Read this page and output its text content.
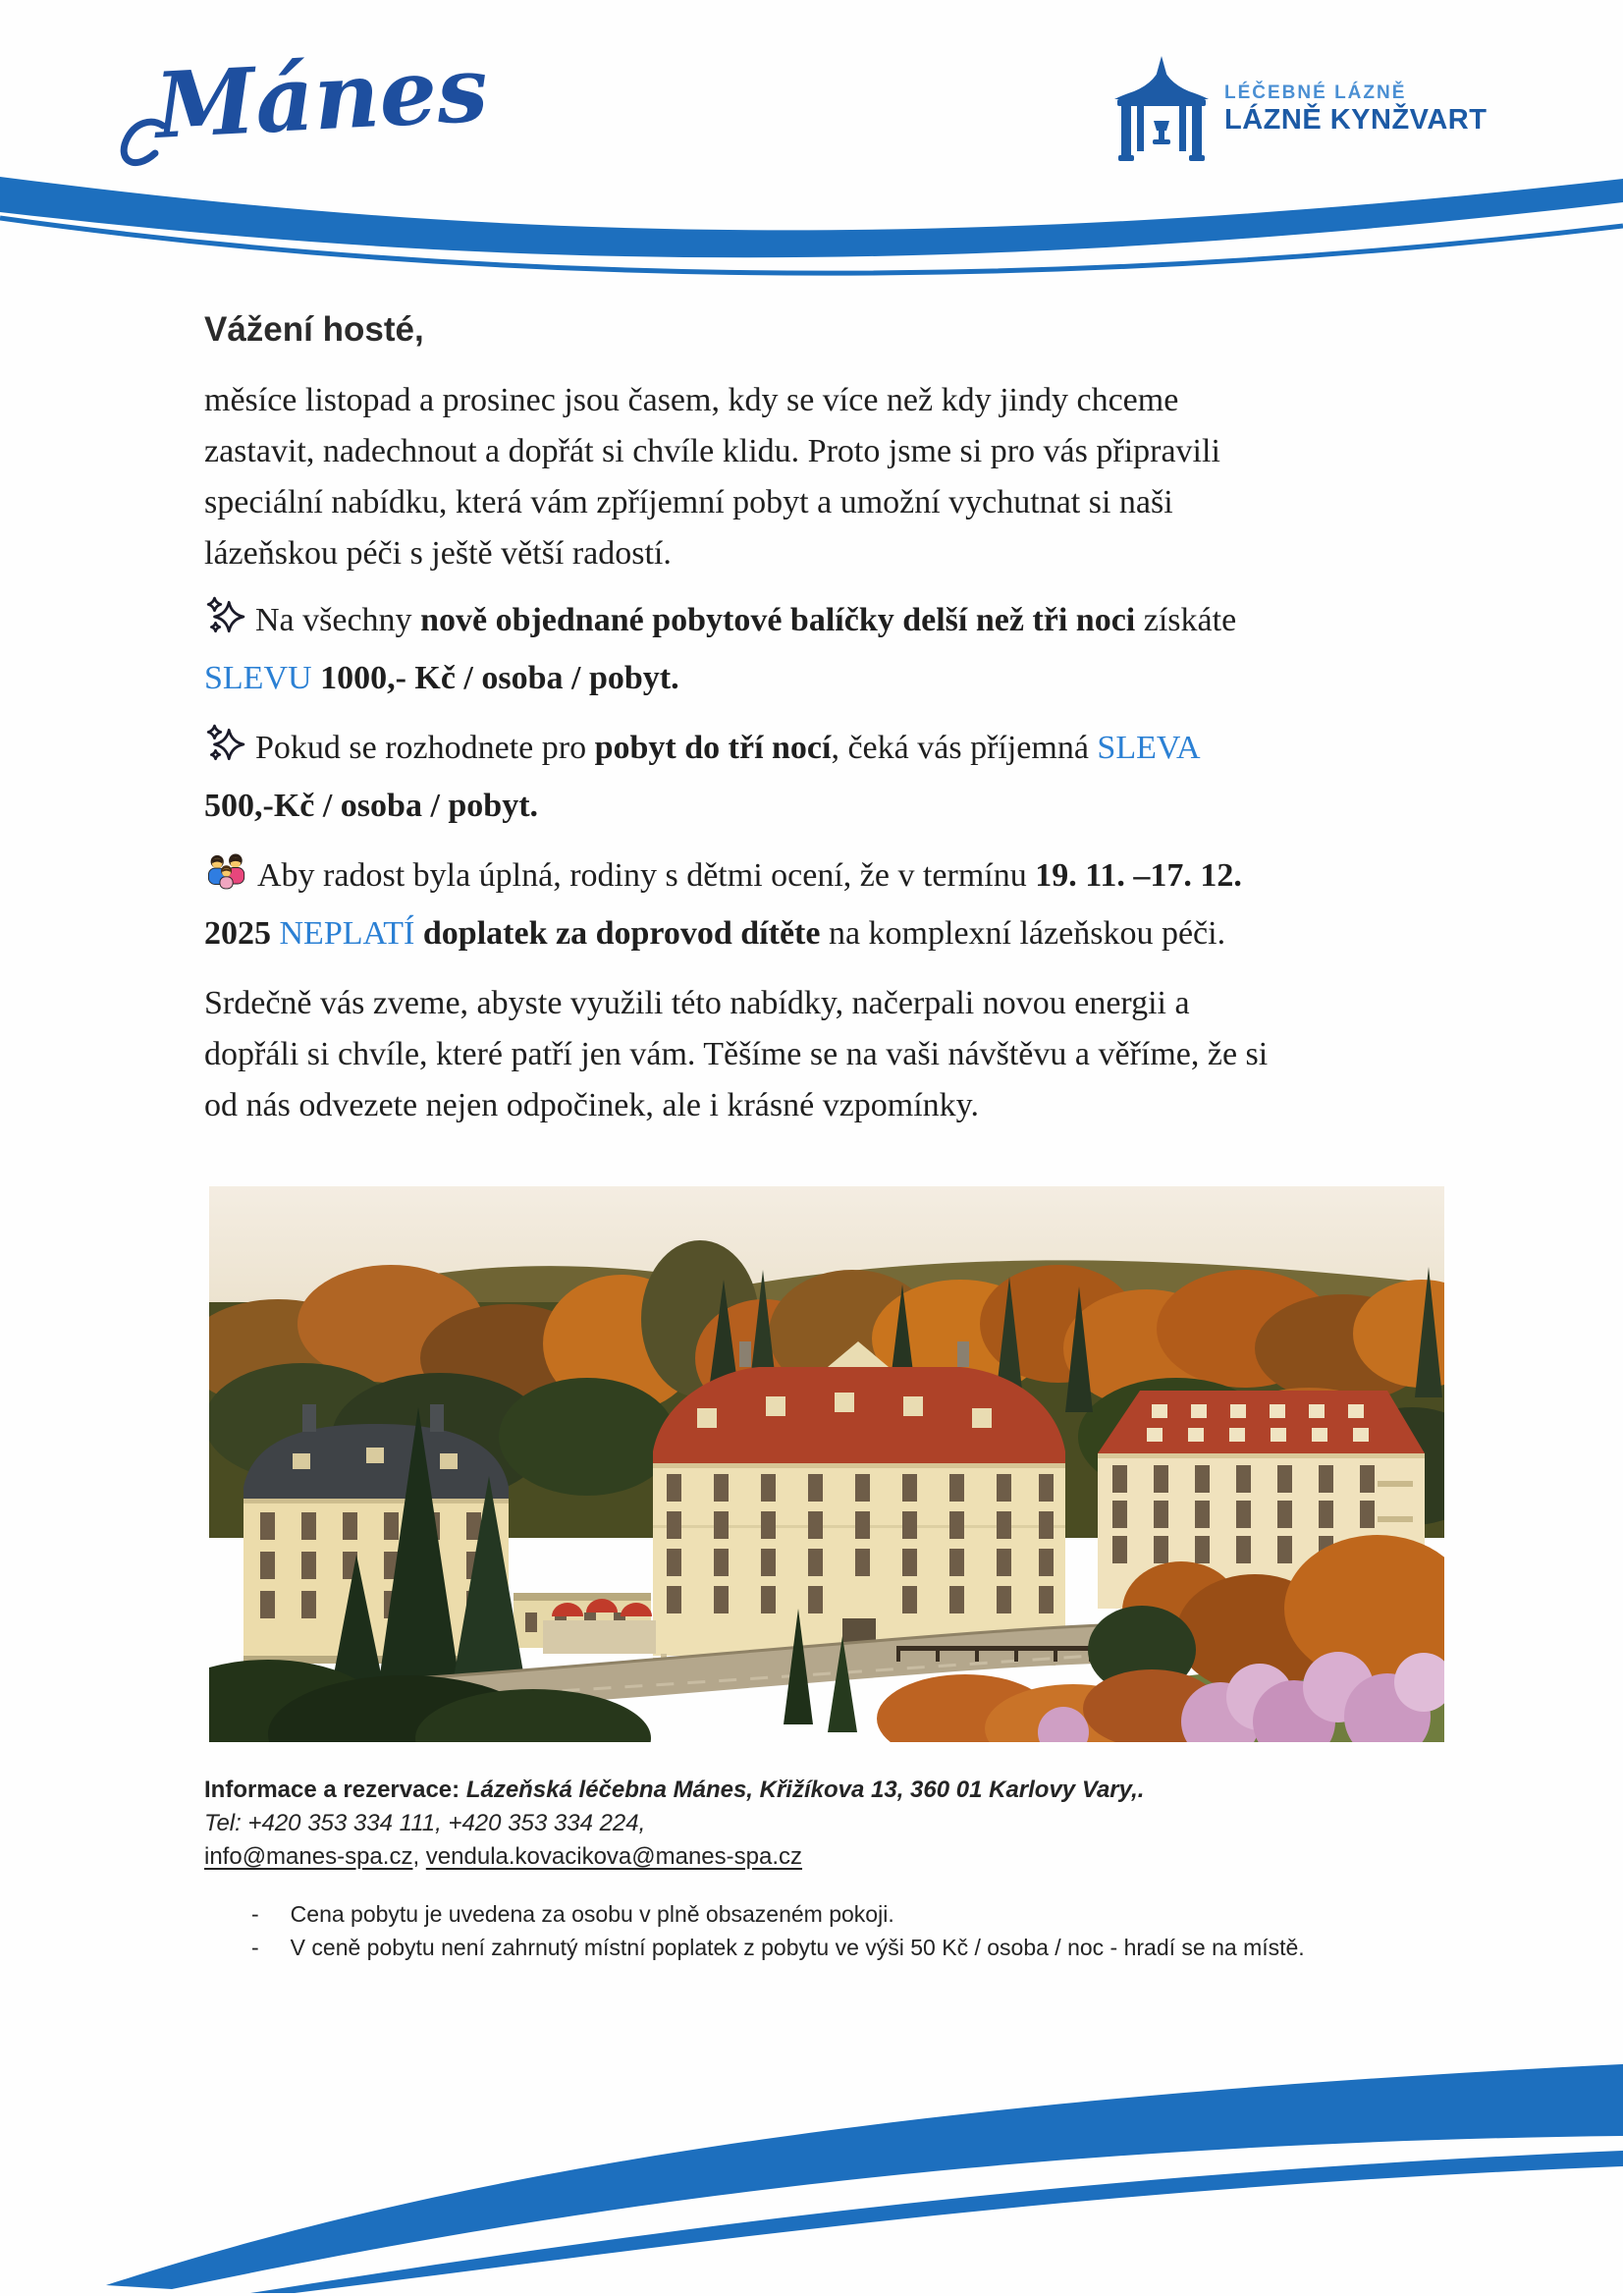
Mánes	LÉČEBNÉ LÁZNĚ
LÁZNĚ KYNŽVART
Vážení hosté,
měsíce listopad a prosinec jsou časem, kdy se více než kdy jindy chceme
zastavit, nadechnout a dopřát si chvíle klidu. Proto jsme si pro vás připravili
speciální nabídku, která vám zpříjemní pobyt a umožní vychutnat si naši
lázeňskou péči s ještě větší radostí.
Na všechny nově objednané pobytové balíčky delší než tři noci získáte
SLEVU 1000,- Kč / osoba / pobyt.
Pokud se rozhodnete pro pobyt do tří nocí, čeká vás příjemná SLEVA
500,-Kč / osoba / pobyt.
Aby radost byla úplná, rodiny s dětmi ocení, že v termínu 19. 11. –17. 12.
2025 NEPLATÍ doplatek za doprovod dítěte na komplexní lázeňskou péči.
Srdečně vás zveme, abyste využili této nabídky, načerpali novou energii a
dopřáli si chvíle, které patří jen vám. Těšíme se na vaši návštěvu a věříme, že si
od nás odvezete nejen odpočinek, ale i krásné vzpomínky.
Informace a rezervace: Lázeňská léčebna Mánes, Křižíkova 13, 360 01 Karlovy Vary,.
Tel: +420 353 334 111, +420 353 334 224,
info@manes-spa.cz, vendula.kovacikova@manes-spa.cz
- Cena pobytu je uvedena za osobu v plně obsazeném pokoji.
- V ceně pobytu není zahrnutý místní poplatek z pobytu ve výši 50 Kč / osoba / noc - hradí se na místě.
